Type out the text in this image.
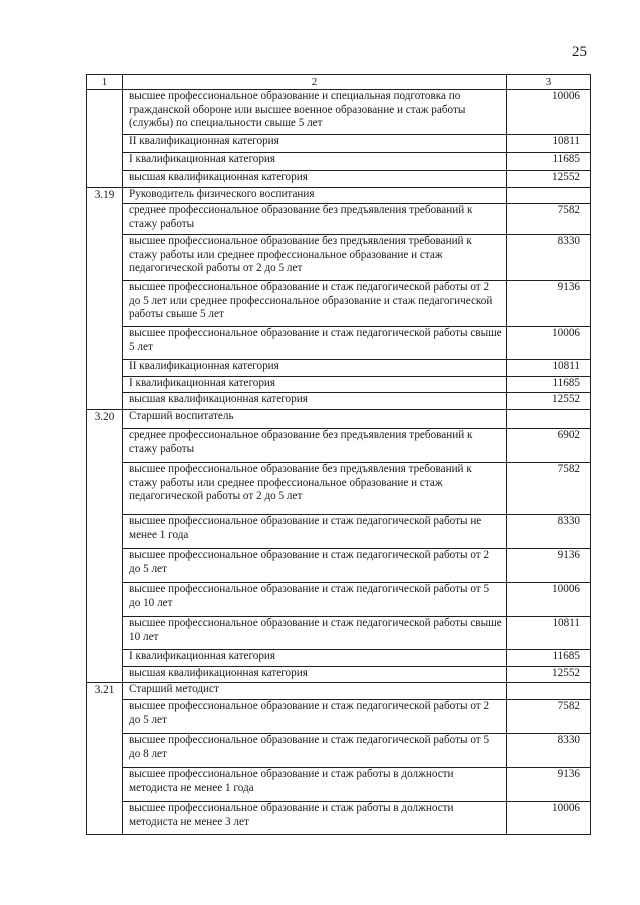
25
1	2	3
	высшее профессиональное образование и специальная подготовка по гражданской обороне или высшее военное образование и стаж работы (службы) по специальности свыше 5 лет	10006
	II квалификационная категория	10811
	I квалификационная категория	11685
	высшая квалификационная категория	12552
3.19	Руководитель физического воспитания	
	среднее профессиональное образование без предъявления требований к стажу работы	7582
	высшее профессиональное образование без предъявления требований к стажу работы или среднее профессиональное образование и стаж педагогической работы от 2 до 5 лет	8330
	высшее профессиональное образование и стаж педагогической работы от 2 до 5 лет или среднее профессиональное образование и стаж педагогической работы свыше 5 лет	9136
	высшее профессиональное образование и стаж педагогической работы свыше 5 лет	10006
	II квалификационная категория	10811
	I квалификационная категория	11685
	высшая квалификационная категория	12552
3.20	Старший воспитатель	
	среднее профессиональное образование без предъявления требований к стажу работы	6902
	высшее профессиональное образование без предъявления требований к стажу работы или среднее профессиональное образование и стаж педагогической работы от 2 до 5 лет	7582
	высшее профессиональное образование и стаж педагогической работы не менее 1 года	8330
	высшее профессиональное образование и стаж педагогической работы от 2 до 5 лет	9136
	высшее профессиональное образование и стаж педагогической работы от 5 до 10 лет	10006
	высшее профессиональное образование и стаж педагогической работы свыше 10 лет	10811
	I квалификационная категория	11685
	высшая квалификационная категория	12552
3.21	Старший методист	
	высшее профессиональное образование и стаж педагогической работы от 2 до 5 лет	7582
	высшее профессиональное образование и стаж педагогической работы от 5 до 8 лет	8330
	высшее профессиональное образование и стаж работы в должности методиста не менее 1 года	9136
	высшее профессиональное образование и стаж работы в должности методиста не менее 3 лет	10006
